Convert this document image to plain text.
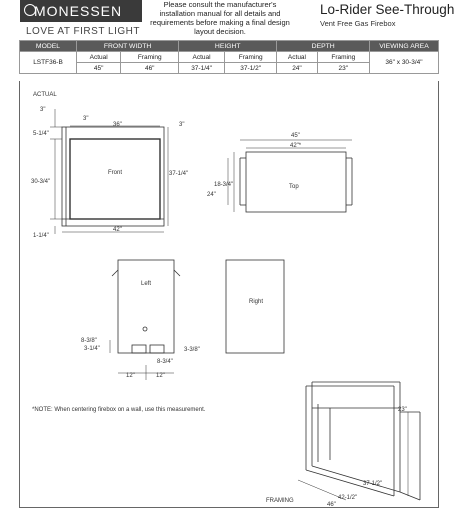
MONESSEN
LOVE AT FIRST LIGHT
Please consult the manufacturer's installation manual for all details and requirements before making a final design layout decision.
Lo-Rider See-Through
Vent Free Gas Firebox
MODEL	FRONT WIDTH		HEIGHT		DEPTH		VIEWING AREA
LSTF36-B	Actual	Framing	Actual	Framing	Actual	Framing	36" x 30-3/4"
	45"	46"	37-1/4"	37-1/2"	24"	23"	
ACTUAL
FRAMING
Front
3"
3"
36"	3"
5-1/4"
30-3/4"
37-1/4"
1-1/4"
42"
Top
45"
42"*
18-3/4"
24"
Left
8-3/8"
3-1/4"	3-3/8"
8-3/4"
12"	12"
Right
23"
37-1/2"
42-1/2"
46"
*NOTE: When centering firebox on a wall, use this measurement.
